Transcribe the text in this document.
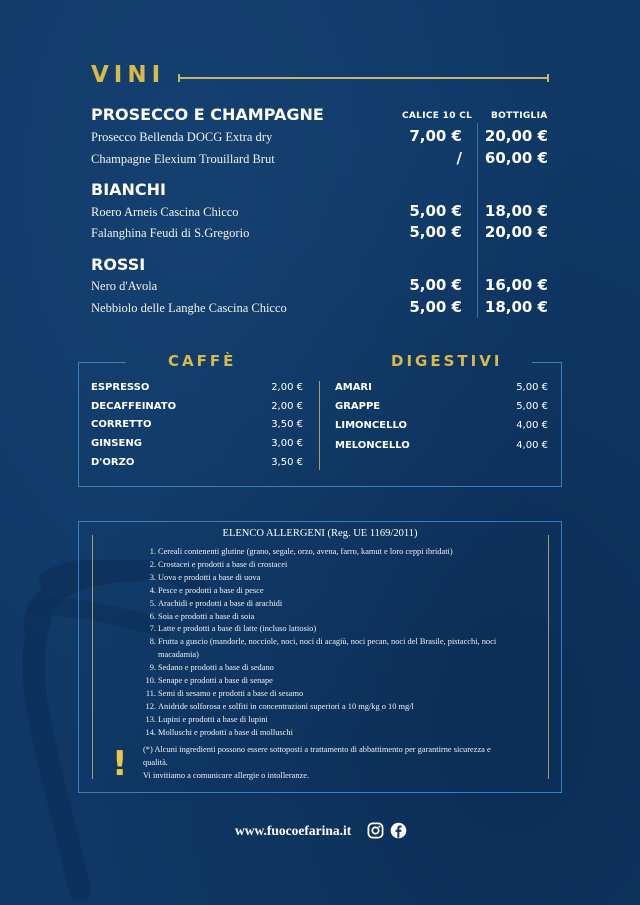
VINI
CALICE 10 CL BOTTIGLIA
PROSECCO E CHAMPAGNE
Prosecco Bellenda DOCG Extra dry	7,00 €	20,00 €
Champagne Elexium Trouillard Brut	/	60,00 €
BIANCHI
Roero Arneis Cascina Chicco	5,00 €	18,00 €
Falanghina Feudi di S.Gregorio	5,00 €	20,00 €
ROSSI
Nero d'Avola	5,00 €	16,00 €
Nebbiolo delle Langhe Cascina Chicco	5,00 €	18,00 €
CAFFÈ	DIGESTIVI
ESPRESSO	2,00 €
DECAFFEINATO	2,00 €
CORRETTO	3,50 €
GINSENG	3,00 €
D'ORZO	3,50 €
AMARI	5,00 €
GRAPPE	5,00 €
LIMONCELLO	4,00 €
MELONCELLO	4,00 €
ELENCO ALLERGENI (Reg. UE 1169/2011)
1. Cereali contenenti glutine (grano, segale, orzo, avena, farro, kamut e loro ceppi ibridati)
2. Crostacei e prodotti a base di crostacei
3. Uova e prodotti a base di uova
4. Pesce e prodotti a base di pesce
5. Arachidi e prodotti a base di arachidi
6. Soia e prodotti a base di soia
7. Latte e prodotti a base di latte (incluso lattosio)
8. Frutta a guscio (mandorle, nocciole, noci, noci di acagiù, noci pecan, noci del Brasile, pistacchi, noci macadamia)
9. Sedano e prodotti a base di sedano
10. Senape e prodotti a base di senape
11. Semi di sesamo e prodotti a base di sesamo
12. Anidride solforosa e solfiti in concentrazioni superiori a 10 mg/kg o 10 mg/l
13. Lupini e prodotti a base di lupini
14. Molluschi e prodotti a base di molluschi
! (*) Alcuni ingredienti possono essere sottoposti a trattamento di abbattimento per garantirne sicurezza e qualità.
Vi invitiamo a comunicare allergie o intolleranze.
www.fuocoefarina.it
